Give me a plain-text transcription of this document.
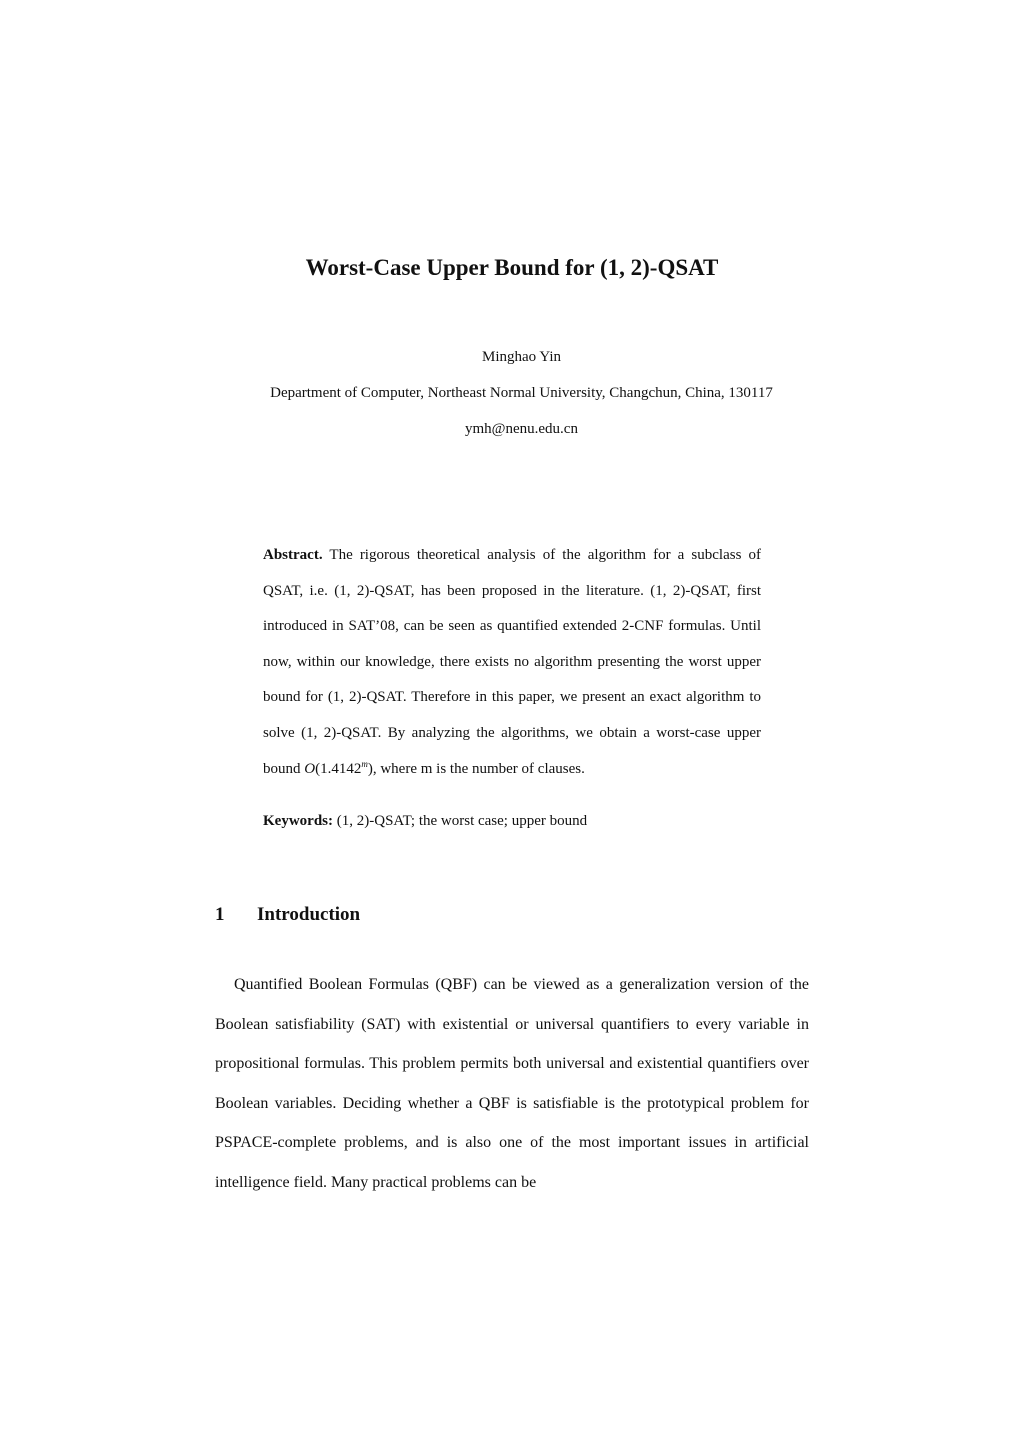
Worst-Case Upper Bound for (1, 2)-QSAT
Minghao Yin
Department of Computer, Northeast Normal University, Changchun, China, 130117
ymh@nenu.edu.cn
Abstract. The rigorous theoretical analysis of the algorithm for a subclass of QSAT, i.e. (1, 2)-QSAT, has been proposed in the literature. (1, 2)-QSAT, first introduced in SAT’08, can be seen as quantified extended 2-CNF formulas. Until now, within our knowledge, there exists no algorithm presenting the worst upper bound for (1, 2)-QSAT. Therefore in this paper, we present an exact algorithm to solve (1, 2)-QSAT. By analyzing the algorithms, we obtain a worst-case upper bound O(1.4142$^m$), where m is the number of clauses.
Keywords: (1, 2)-QSAT; the worst case; upper bound
1 Introduction

Quantified Boolean Formulas (QBF) can be viewed as a generalization version of the Boolean satisfiability (SAT) with existential or universal quantifiers to every variable in propositional formulas. This problem permits both universal and existential quantifiers over Boolean variables. Deciding whether a QBF is satisfiable is the prototypical problem for PSPACE-complete problems, and is also one of the most important issues in artificial intelligence field. Many practical problems can be
